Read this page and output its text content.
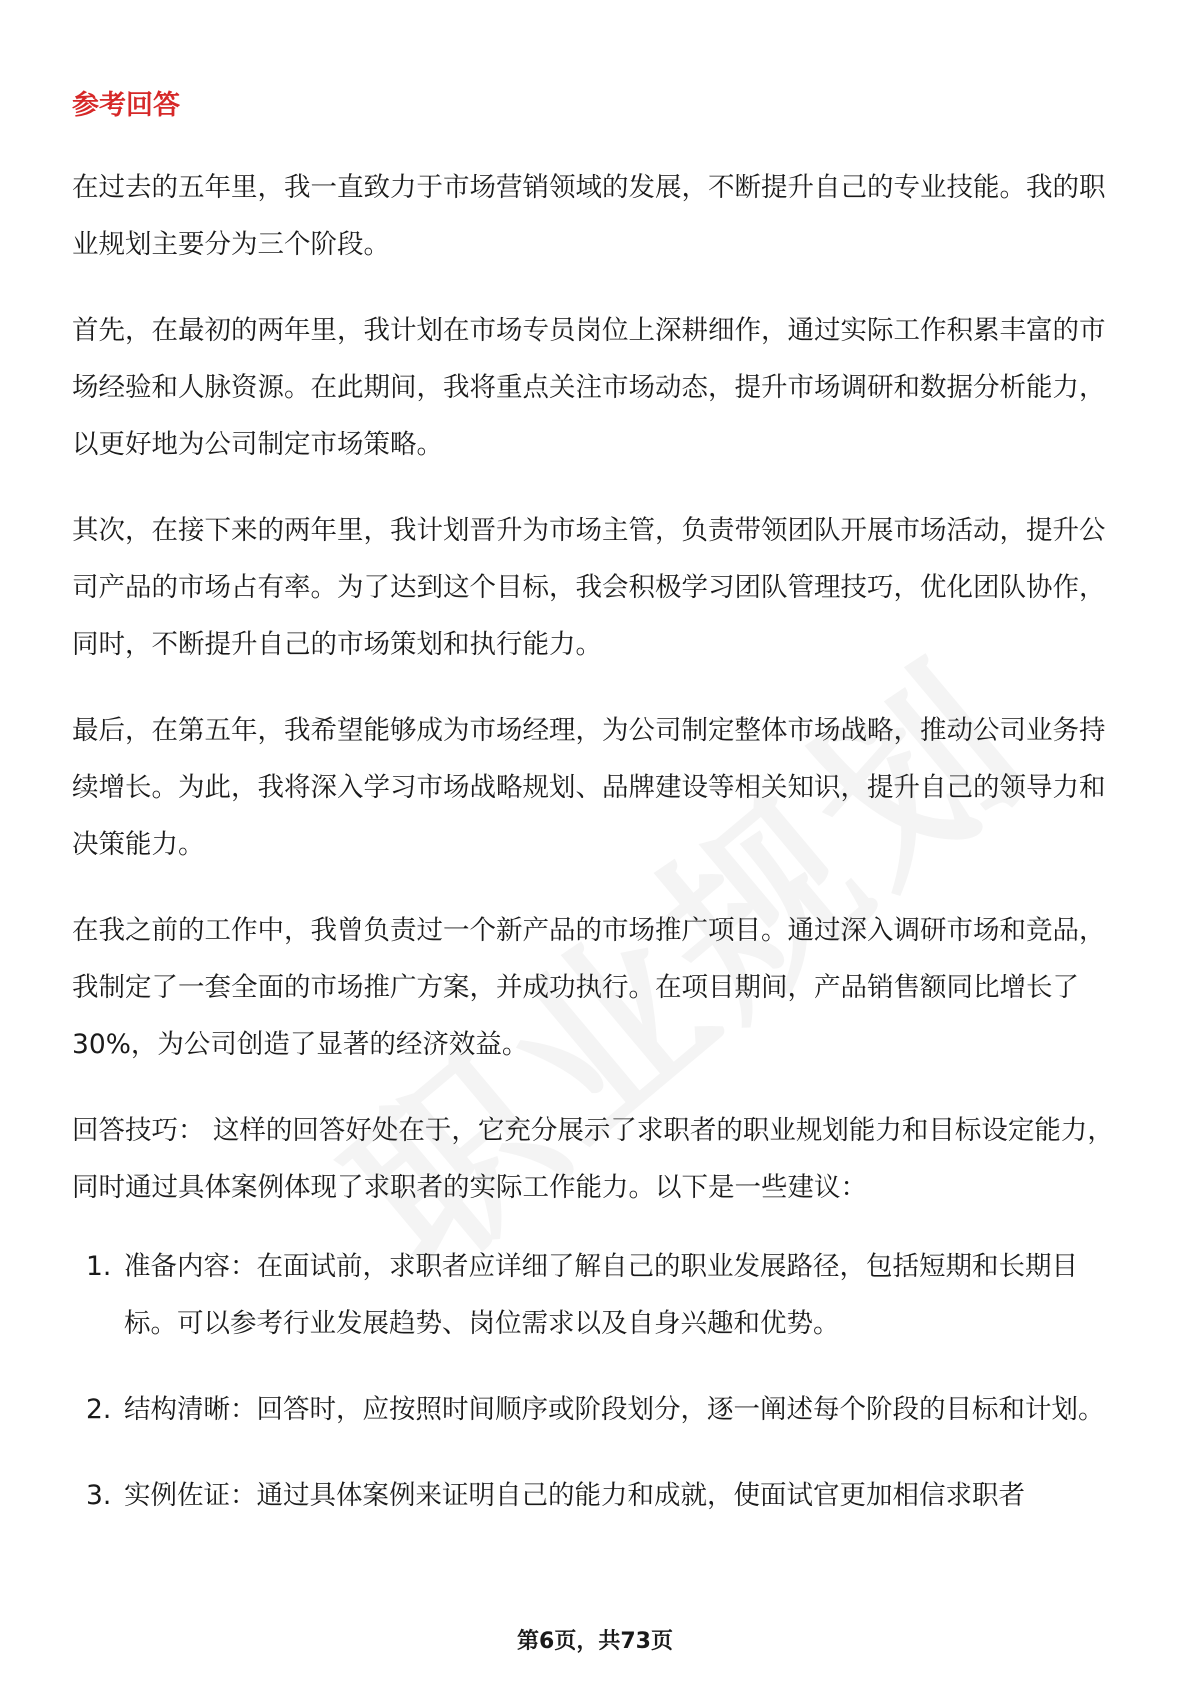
参考回答

在过去的五年里，我一直致力于市场营销领域的发展，不断提升自己的专业技能。我的职业规划主要分为三个阶段。

首先，在最初的两年里，我计划在市场专员岗位上深耕细作，通过实际工作积累丰富的市场经验和人脉资源。在此期间，我将重点关注市场动态，提升市场调研和数据分析能力，以更好地为公司制定市场策略。

其次，在接下来的两年里，我计划晋升为市场主管，负责带领团队开展市场活动，提升公司产品的市场占有率。为了达到这个目标，我会积极学习团队管理技巧，优化团队协作，同时，不断提升自己的市场策划和执行能力。

最后，在第五年，我希望能够成为市场经理，为公司制定整体市场战略，推动公司业务持续增长。为此，我将深入学习市场战略规划、品牌建设等相关知识，提升自己的领导力和决策能力。

在我之前的工作中，我曾负责过一个新产品的市场推广项目。通过深入调研市场和竞品，我制定了一套全面的市场推广方案，并成功执行。在项目期间，产品销售额同比增长了30%，为公司创造了显著的经济效益。

回答技巧： 这样的回答好处在于，它充分展示了求职者的职业规划能力和目标设定能力，同时通过具体案例体现了求职者的实际工作能力。以下是一些建议：

1. 准备内容：在面试前，求职者应详细了解自己的职业发展路径，包括短期和长期目标。可以参考行业发展趋势、岗位需求以及自身兴趣和优势。
2. 结构清晰：回答时，应按照时间顺序或阶段划分，逐一阐述每个阶段的目标和计划。
3. 实例佐证：通过具体案例来证明自己的能力和成就，使面试官更加相信求职者
第6页，共73页
